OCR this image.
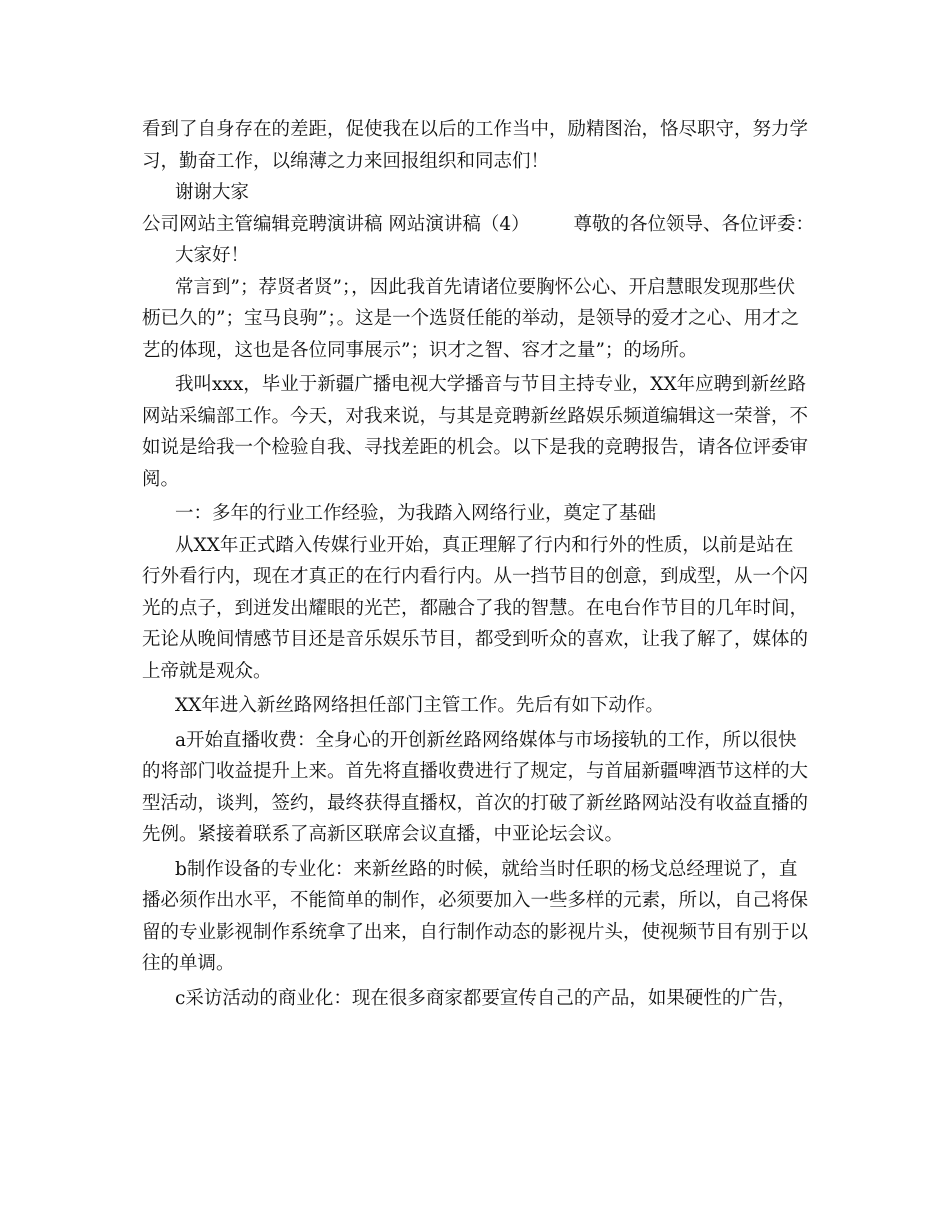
看到了自身存在的差距，促使我在以后的工作当中，励精图治，恪尽职守，努力学

习，勤奋工作，以绵薄之力来回报组织和同志们！

谢谢大家

公司网站主管编辑竞聘演讲稿 网站演讲稿（4） 尊敬的各位领导、各位评委：

大家好！

常言到”；荐贤者贤”；，因此我首先请诸位要胸怀公心、开启慧眼发现那些伏

枥已久的”；宝马良驹”；。这是一个选贤任能的举动，是领导的爱才之心、用才之

艺的体现，这也是各位同事展示”；识才之智、容才之量”；的场所。

我叫xxx，毕业于新疆广播电视大学播音与节目主持专业，XX年应聘到新丝路

网站采编部工作。今天，对我来说，与其是竞聘新丝路娱乐频道编辑这一荣誉，不

如说是给我一个检验自我、寻找差距的机会。以下是我的竞聘报告，请各位评委审

阅。

一：多年的行业工作经验，为我踏入网络行业，奠定了基础

从XX年正式踏入传媒行业开始，真正理解了行内和行外的性质，以前是站在

行外看行内，现在才真正的在行内看行内。从一挡节目的创意，到成型，从一个闪

光的点子，到迸发出耀眼的光芒，都融合了我的智慧。在电台作节目的几年时间，

无论从晚间情感节目还是音乐娱乐节目，都受到听众的喜欢，让我了解了，媒体的

上帝就是观众。

XX年进入新丝路网络担任部门主管工作。先后有如下动作。

a开始直播收费：全身心的开创新丝路网络媒体与市场接轨的工作，所以很快

的将部门收益提升上来。首先将直播收费进行了规定，与首届新疆啤酒节这样的大

型活动，谈判，签约，最终获得直播权，首次的打破了新丝路网站没有收益直播的

先例。紧接着联系了高新区联席会议直播，中亚论坛会议。

b制作设备的专业化：来新丝路的时候，就给当时任职的杨戈总经理说了，直

播必须作出水平，不能简单的制作，必须要加入一些多样的元素，所以，自己将保

留的专业影视制作系统拿了出来，自行制作动态的影视片头，使视频节目有别于以

往的单调。

c采访活动的商业化：现在很多商家都要宣传自己的产品，如果硬性的广告，
